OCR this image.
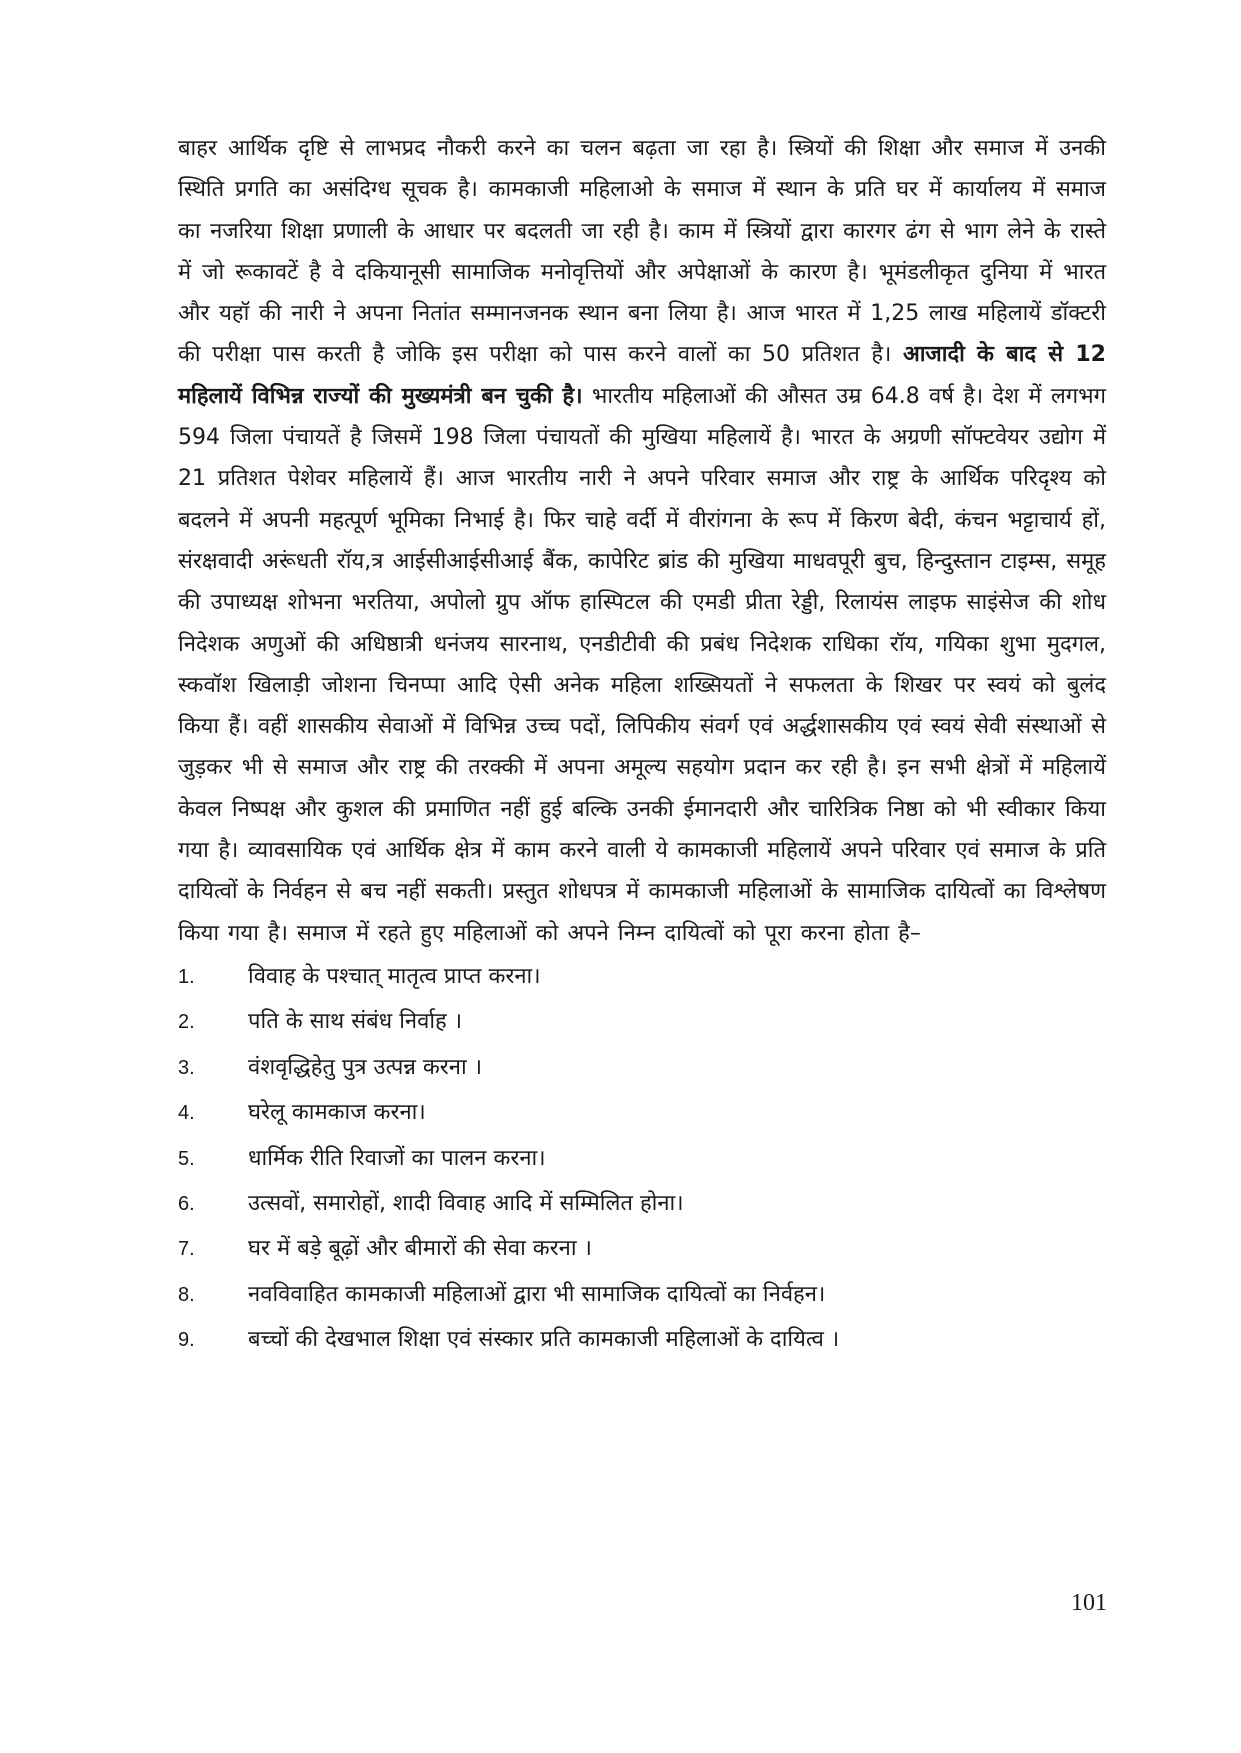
बाहर आर्थिक दृष्टि से लाभप्रद नौकरी करने का चलन बढ़ता जा रहा है। स्त्रियों की शिक्षा और समाज में उनकी स्थिति प्रगति का असंदिग्ध सूचक है। कामकाजी महिलाओ के समाज में स्थान के प्रति घर में कार्यालय में समाज का नजरिया शिक्षा प्रणाली के आधार पर बदलती जा रही है। काम में स्त्रियों द्वारा कारगर ढंग से भाग लेने के रास्ते में जो रूकावटें है वे दकियानूसी सामाजिक मनोवृत्तियों और अपेक्षाओं के कारण है। भूमंडलीकृत दुनिया में भारत और यहॉ की नारी ने अपना नितांत सम्मानजनक स्थान बना लिया है। आज भारत में 1,25 लाख महिलायें डॉक्टरी की परीक्षा पास करती है जोकि इस परीक्षा को पास करने वालों का 50 प्रतिशत है। आजादी के बाद से 12 महिलायें विभिन्न राज्यों की मुख्यमंत्री बन चुकी है। भारतीय महिलाओं की औसत उम्र 64.8 वर्ष है। देश में लगभग 594 जिला पंचायतें है जिसमें 198 जिला पंचायतों की मुखिया महिलायें है। भारत के अग्रणी सॉफ्टवेयर उद्योग में 21 प्रतिशत पेशेवर महिलायें हैं। आज भारतीय नारी ने अपने परिवार समाज और राष्ट्र के आर्थिक परिदृश्य को बदलने में अपनी महत्पूर्ण भूमिका निभाई है। फिर चाहे वर्दी में वीरांगना के रूप में किरण बेदी, कंचन भट्टाचार्य हों, संरक्षवादी अरूंधती रॉय,त्र आईसीआईसीआई बैंक, कापेरिट ब्रांड की मुखिया माधवपूरी बुच, हिन्दुस्तान टाइम्स, समूह की उपाध्यक्ष शोभना भरतिया, अपोलो ग्रुप ऑफ हास्पिटल की एमडी प्रीता रेड्डी, रिलायंस लाइफ साइंसेज की शोध निदेशक अणुओं की अधिष्ठात्री धनंजय सारनाथ, एनडीटीवी की प्रबंध निदेशक राधिका रॉय, गयिका शुभा मुदगल, स्कवॉश खिलाड़ी जोशना चिनप्पा आदि ऐसी अनेक महिला शख्सियतों ने सफलता के शिखर पर स्वयं को बुलंद किया हैं। वहीं शासकीय सेवाओं में विभिन्न उच्च पदों, लिपिकीय संवर्ग एवं अर्द्धशासकीय एवं स्वयं सेवी संस्थाओं से जुड़कर भी से समाज और राष्ट्र की तरक्की में अपना अमूल्य सहयोग प्रदान कर रही है। इन सभी क्षेत्रों में महिलायें केवल निष्पक्ष और कुशल की प्रमाणित नहीं हुई बल्कि उनकी ईमानदारी और चारित्रिक निष्ठा को भी स्वीकार किया गया है। व्यावसायिक एवं आर्थिक क्षेत्र में काम करने वाली ये कामकाजी महिलायें अपने परिवार एवं समाज के प्रति दायित्वों के निर्वहन से बच नहीं सकती। प्रस्तुत शोधपत्र में कामकाजी महिलाओं के सामाजिक दायित्वों का विश्लेषण किया गया है। समाज में रहते हुए महिलाओं को अपने निम्न दायित्वों को पूरा करना होता है–

1. विवाह के पश्चात् मातृत्व प्राप्त करना।
2. पति के साथ संबंध निर्वाह ।
3. वंशवृद्धिहेतु पुत्र उत्पन्न करना ।
4. घरेलू कामकाज करना।
5. धार्मिक रीति रिवाजों का पालन करना।
6. उत्सवों, समारोहों, शादी विवाह आदि में सम्मिलित होना।
7. घर में बड़े बूढ़ों और बीमारों की सेवा करना ।
8. नवविवाहित कामकाजी महिलाओं द्वारा भी सामाजिक दायित्वों का निर्वहन।
9. बच्चों की देखभाल शिक्षा एवं संस्कार प्रति कामकाजी महिलाओं के दायित्व ।
101
